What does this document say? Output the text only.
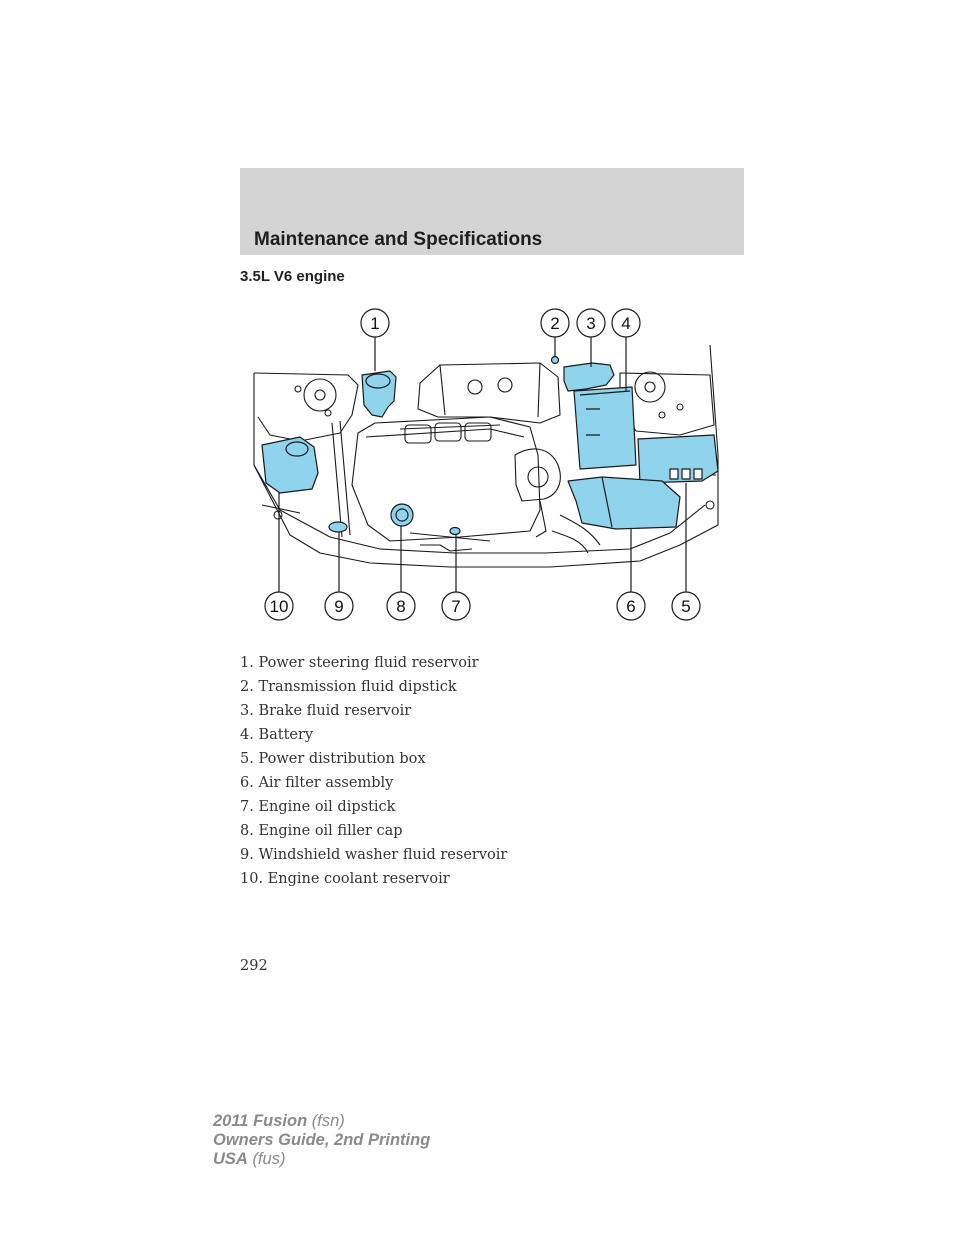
Maintenance and Specifications
3.5L V6 engine
1	2 3 4
5
6
7
8
9
10
1. Power steering fluid reservoir
2. Transmission fluid dipstick
3. Brake fluid reservoir
4. Battery
5. Power distribution box
6. Air filter assembly
7. Engine oil dipstick
8. Engine oil filler cap
9. Windshield washer fluid reservoir
10. Engine coolant reservoir
292
2011 Fusion (fsn)
Owners Guide, 2nd Printing
USA (fus)
